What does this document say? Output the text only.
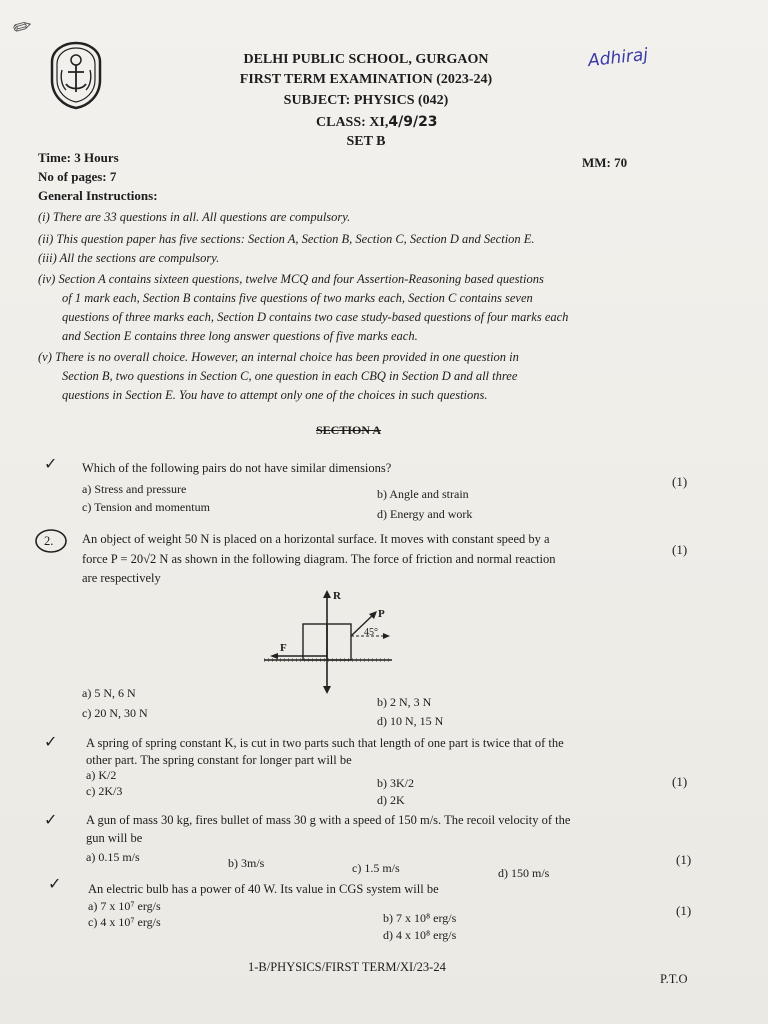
✎
DELHI PUBLIC SCHOOL, GURGAON
FIRST TERM EXAMINATION (2023-24)
SUBJECT: PHYSICS (042)
CLASS: XI,4/9/23
SET B
Adhiraj
Time: 3 Hours	MM: 70
No of pages: 7
General Instructions:
(i) There are 33 questions in all. All questions are compulsory.
(ii) This question paper has five sections: Section A, Section B, Section C, Section D and Section E.
(iii) All the sections are compulsory.
(iv) Section A contains sixteen questions, twelve MCQ and four Assertion-Reasoning based questions
of 1 mark each, Section B contains five questions of two marks each, Section C contains seven
questions of three marks each, Section D contains two case study-based questions of four marks each
and Section E contains three long answer questions of five marks each.
(v) There is no overall choice. However, an internal choice has been provided in one question in
Section B, two questions in Section C, one question in each CBQ in Section D and all three
questions in Section E. You have to attempt only one of the choices in such questions.
SECTION A
✓ Which of the following pairs do not have similar dimensions?
(1)
a) Stress and pressure	b) Angle and strain
c) Tension and momentum	d) Energy and work
2. An object of weight 50 N is placed on a horizontal surface. It moves with constant speed by a
force P = 20√2 N as shown in the following diagram. The force of friction and normal reaction
are respectively
(1)
R
P
F
45°
a) 5 N, 6 N
b) 2 N, 3 N
c) 20 N, 30 N
d) 10 N, 15 N
✓ A spring of spring constant K, is cut in two parts such that length of one part is twice that of the
other part. The spring constant for longer part will be
(1)
a) K/2
b) 3K/2
c) 2K/3
d) 2K
✓ A gun of mass 30 kg, fires bullet of mass 30 g with a speed of 150 m/s. The recoil velocity of the
gun will be
(1)
a) 0.15 m/s	b) 3m/s	c) 1.5 m/s	d) 150 m/s
✓ An electric bulb has a power of 40 W. Its value in CGS system will be
(1)
a) 7 x 10⁷ erg/s
b) 7 x 10⁸ erg/s
c) 4 x 10⁷ erg/s
d) 4 x 10⁸ erg/s
1-B/PHYSICS/FIRST TERM/XI/23-24
P.T.O
